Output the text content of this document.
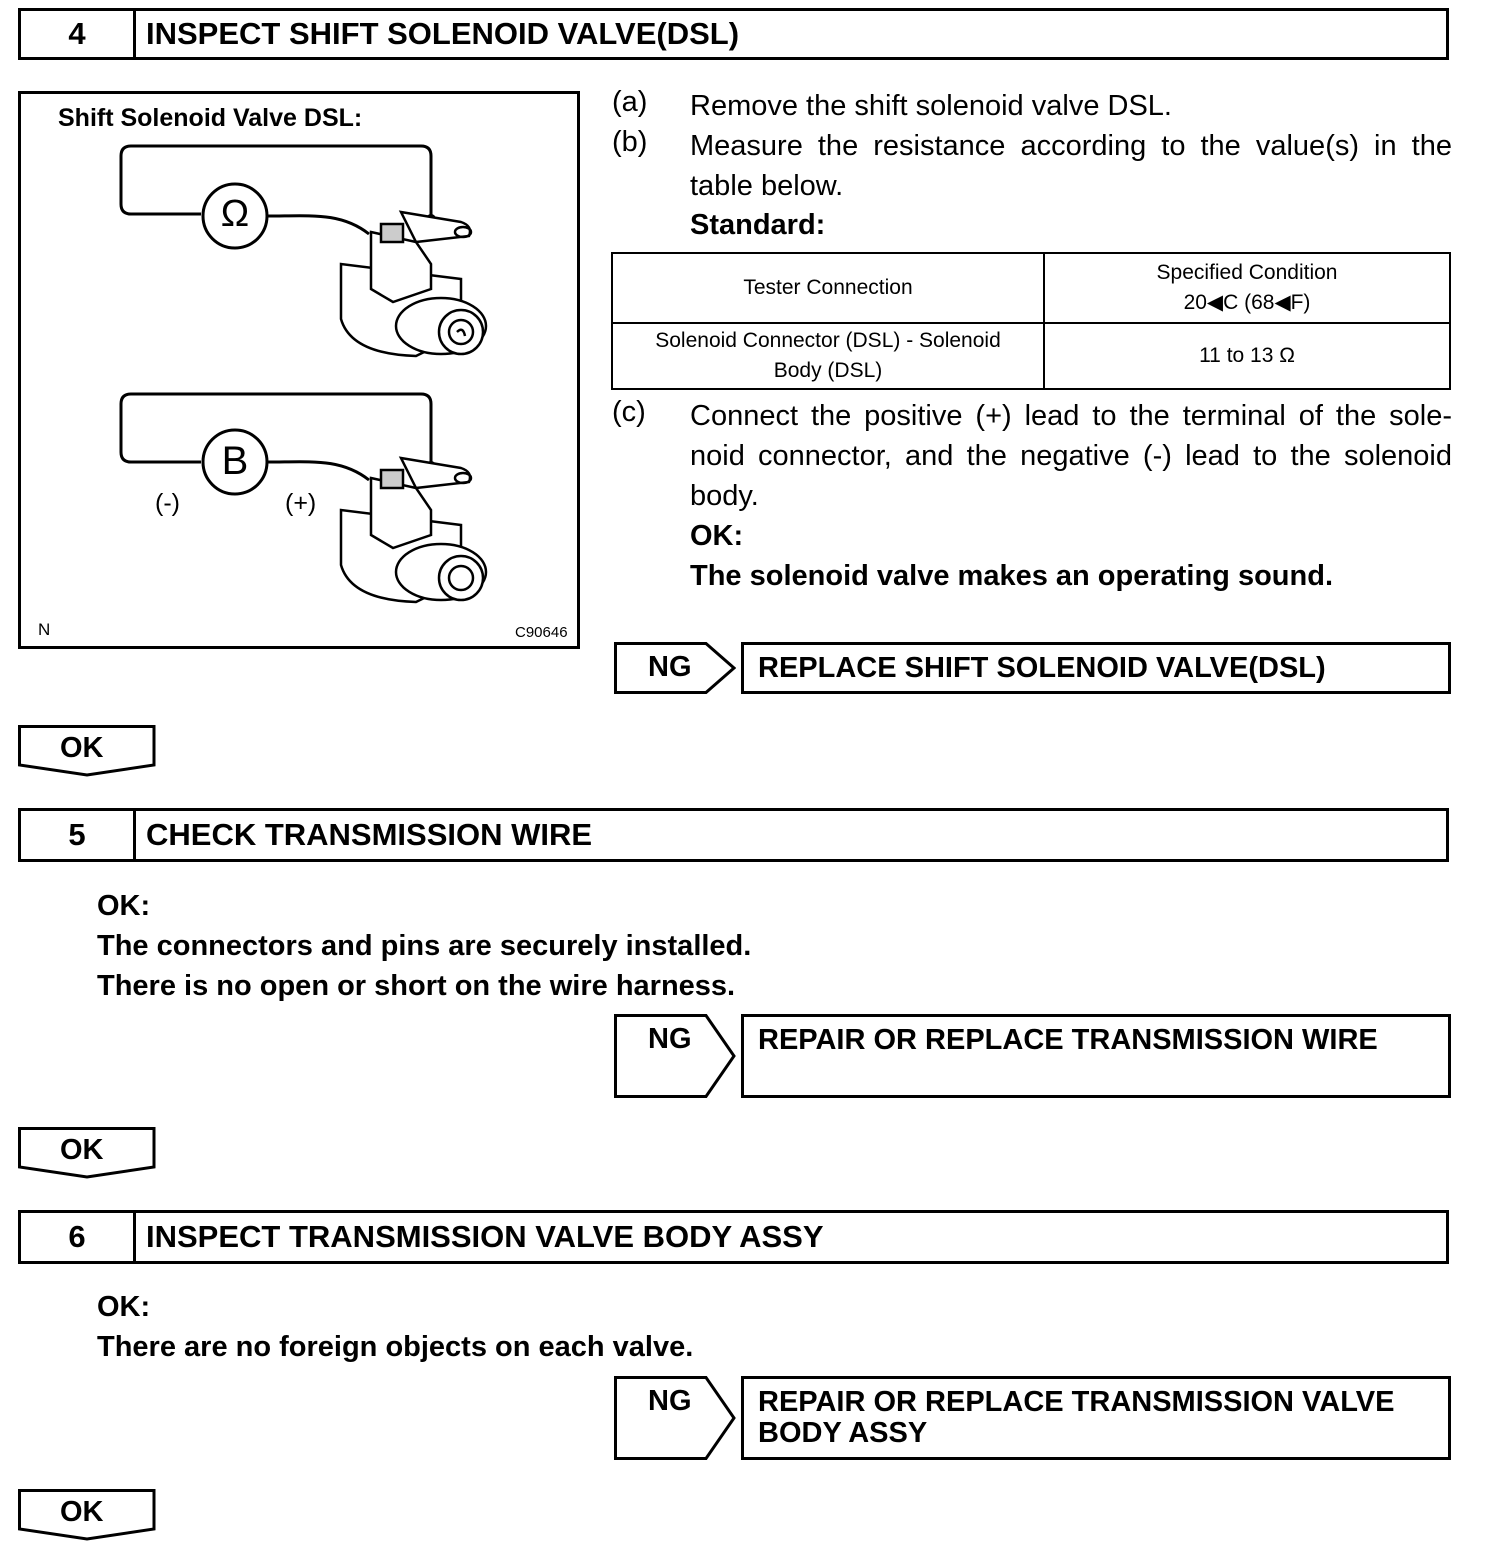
4	INSPECT SHIFT SOLENOID VALVE(DSL)
Shift Solenoid Valve DSL:
Ω
B
(-)	(+)
N	C90646
(a) Remove the shift solenoid valve DSL.
(b) Measure the resistance according to the value(s) in the
table below.
Standard:
Tester Connection	Specified Condition
20◀C (68◀F)

Solenoid Connector (DSL) - Solenoid
Body (DSL)	11 to 13 Ω
(c) Connect the positive (+) lead to the terminal of the sole-
noid connector, and the negative (-) lead to the solenoid
body.
OK:
The solenoid valve makes an operating sound.
NG	REPLACE SHIFT SOLENOID VALVE(DSL)
OK
5	CHECK TRANSMISSION WIRE
OK:
The connectors and pins are securely installed.
There is no open or short on the wire harness.
NG	REPAIR OR REPLACE TRANSMISSION WIRE
OK
6	INSPECT TRANSMISSION VALVE BODY ASSY
OK:
There are no foreign objects on each valve.
NG REPAIR OR REPLACE TRANSMISSION VALVE
BODY ASSY
OK
